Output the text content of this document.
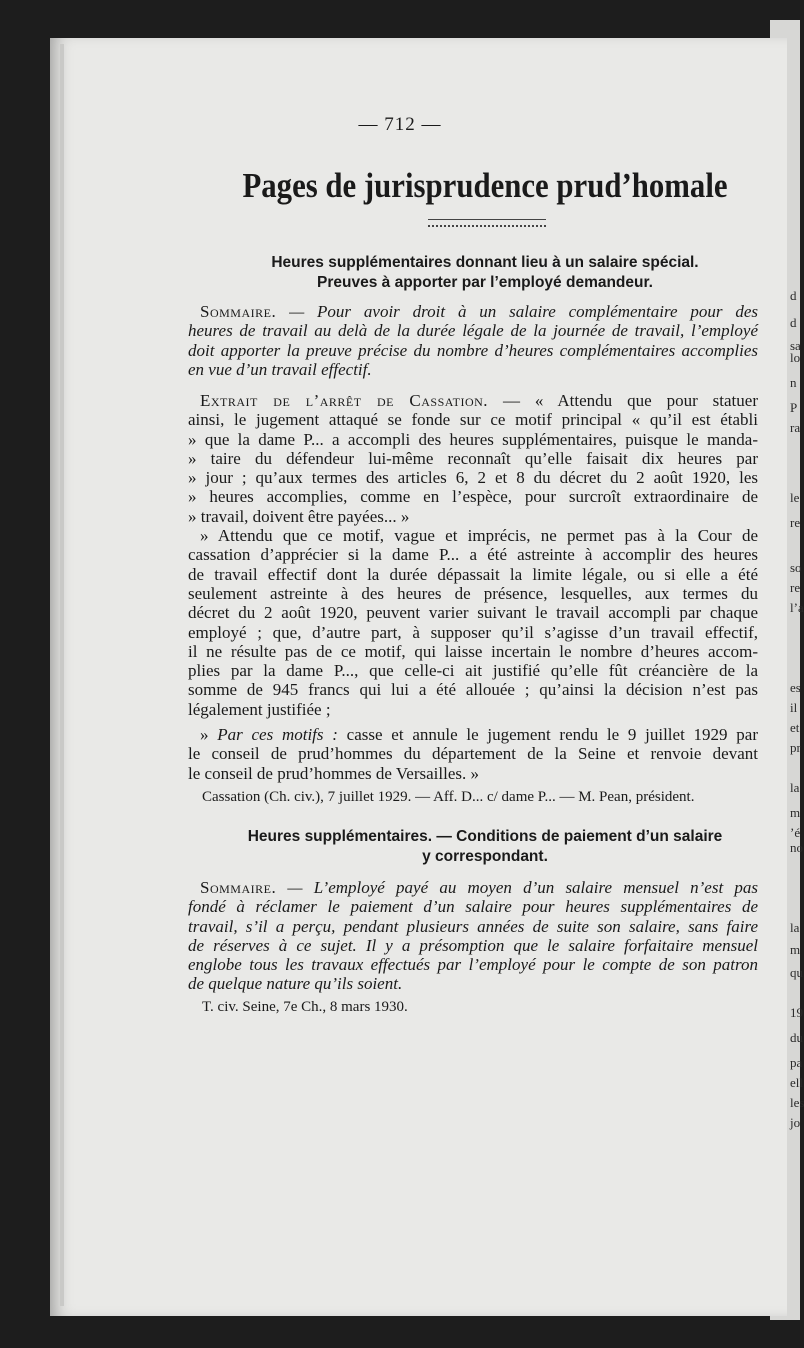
d
d
sa
lo
n
P
ra
le
re
so
re
l’a
es
il
et
pr
la
m
’é
no
la
m
qu
19
du
pa
ell
les
jo
— 712 —
Pages de jurisprudence prud’homale
Heures supplémentaires donnant lieu à un salaire spécial.
Preuves à apporter par l’employé demandeur.
Sommaire. — Pour avoir droit à un salaire complémentaire pour des
heures de travail au delà de la durée légale de la journée de travail, l’employé
doit apporter la preuve précise du nombre d’heures complémentaires accomplies
en vue d’un travail effectif.
Extrait de l’arrêt de Cassation. — « Attendu que pour statuer
ainsi, le jugement attaqué se fonde sur ce motif principal « qu’il est établi
» que la dame P... a accompli des heures supplémentaires, puisque le manda-
» taire du défendeur lui-même reconnaît qu’elle faisait dix heures par
» jour ; qu’aux termes des articles 6, 2 et 8 du décret du 2 août 1920, les
» heures accomplies, comme en l’espèce, pour surcroît extraordinaire de
» travail, doivent être payées... »
» Attendu que ce motif, vague et imprécis, ne permet pas à la Cour de
cassation d’apprécier si la dame P... a été astreinte à accomplir des heures
de travail effectif dont la durée dépassait la limite légale, ou si elle a été
seulement astreinte à des heures de présence, lesquelles, aux termes du
décret du 2 août 1920, peuvent varier suivant le travail accompli par chaque
employé ; que, d’autre part, à supposer qu’il s’agisse d’un travail effectif,
il ne résulte pas de ce motif, qui laisse incertain le nombre d’heures accom-
plies par la dame P..., que celle-ci ait justifié qu’elle fût créancière de la
somme de 945 francs qui lui a été allouée ; qu’ainsi la décision n’est pas
légalement justifiée ;
» Par ces motifs : casse et annule le jugement rendu le 9 juillet 1929 par
le conseil de prud’hommes du département de la Seine et renvoie devant
le conseil de prud’hommes de Versailles. »
Cassation (Ch. civ.), 7 juillet 1929. — Aff. D... c/ dame P... — M. Pean, président.
Heures supplémentaires. — Conditions de paiement d’un salaire
y correspondant.
Sommaire. — L’employé payé au moyen d’un salaire mensuel n’est pas
fondé à réclamer le paiement d’un salaire pour heures supplémentaires de
travail, s’il a perçu, pendant plusieurs années de suite son salaire, sans faire
de réserves à ce sujet. Il y a présomption que le salaire forfaitaire mensuel
englobe tous les travaux effectués par l’employé pour le compte de son patron
de quelque nature qu’ils soient.
T. civ. Seine, 7e Ch., 8 mars 1930.
